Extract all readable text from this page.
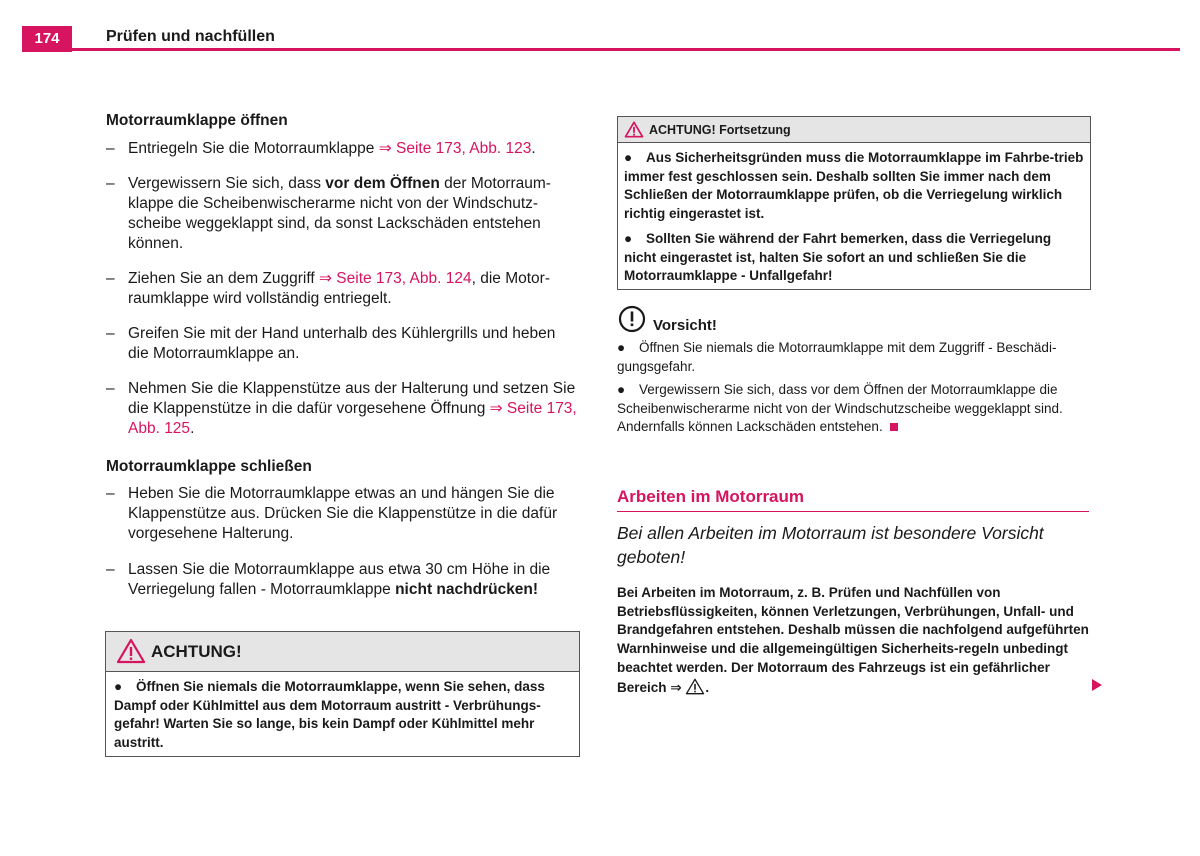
174	Prüfen und nachfüllen
Motorraumklappe öffnen
– Entriegeln Sie die Motorraumklappe ⇒ Seite 173, Abb. 123.
– Vergewissern Sie sich, dass vor dem Öffnen der Motorraum-klappe die Scheibenwischerarme nicht von der Windschutz-scheibe weggeklappt sind, da sonst Lackschäden entstehen können.
– Ziehen Sie an dem Zuggriff ⇒ Seite 173, Abb. 124, die Motor-raumklappe wird vollständig entriegelt.
– Greifen Sie mit der Hand unterhalb des Kühlergrills und heben die Motorraumklappe an.
– Nehmen Sie die Klappenstütze aus der Halterung und setzen Sie die Klappenstütze in die dafür vorgesehene Öffnung ⇒ Seite 173, Abb. 125.
Motorraumklappe schließen
– Heben Sie die Motorraumklappe etwas an und hängen Sie die Klappenstütze aus. Drücken Sie die Klappenstütze in die dafür vorgesehene Halterung.
– Lassen Sie die Motorraumklappe aus etwa 30 cm Höhe in die Verriegelung fallen - Motorraumklappe nicht nachdrücken!
ACHTUNG!
● Öffnen Sie niemals die Motorraumklappe, wenn Sie sehen, dass Dampf oder Kühlmittel aus dem Motorraum austritt - Verbrühungs-gefahr! Warten Sie so lange, bis kein Dampf oder Kühlmittel mehr austritt.
ACHTUNG! Fortsetzung
● Aus Sicherheitsgründen muss die Motorraumklappe im Fahrbe-trieb immer fest geschlossen sein. Deshalb sollten Sie immer nach dem Schließen der Motorraumklappe prüfen, ob die Verriegelung wirklich richtig eingerastet ist.
● Sollten Sie während der Fahrt bemerken, dass die Verriegelung nicht eingerastet ist, halten Sie sofort an und schließen Sie die Motorraumklappe - Unfallgefahr!
Vorsicht!
● Öffnen Sie niemals die Motorraumklappe mit dem Zuggriff - Beschädi-gungsgefahr.
● Vergewissern Sie sich, dass vor dem Öffnen der Motorraumklappe die Scheibenwischerarme nicht von der Windschutzscheibe weggeklappt sind. Andernfalls können Lackschäden entstehen.
Arbeiten im Motorraum
Bei allen Arbeiten im Motorraum ist besondere Vorsicht geboten!
Bei Arbeiten im Motorraum, z. B. Prüfen und Nachfüllen von Betriebsflüssigkeiten, können Verletzungen, Verbrühungen, Unfall- und Brandgefahren entstehen. Deshalb müssen die nachfolgend aufgeführten Warnhinweise und die allgemeingültigen Sicherheits-regeln unbedingt beachtet werden. Der Motorraum des Fahrzeugs ist ein gefährlicher Bereich ⇒ .
